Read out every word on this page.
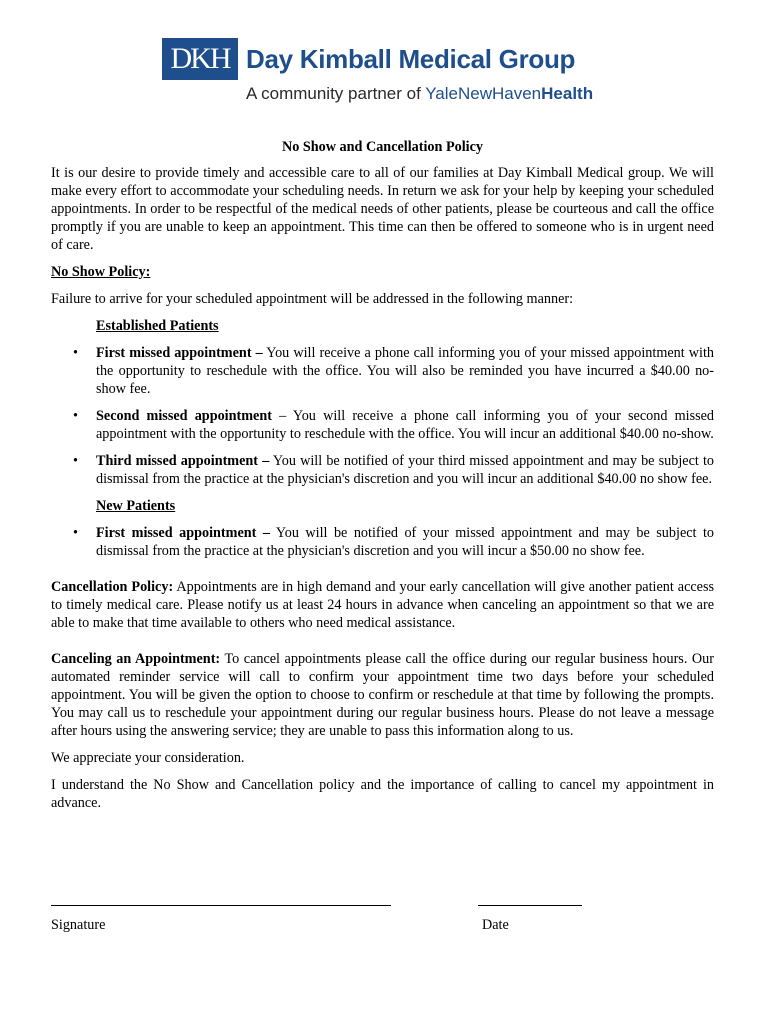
DKH Day Kimball Medical Group
A community partner of YaleNewHavenHealth

No Show and Cancellation Policy

It is our desire to provide timely and accessible care to all of our families at Day Kimball Medical group. We will make every effort to accommodate your scheduling needs. In return we ask for your help by keeping your scheduled appointments. In order to be respectful of the medical needs of other patients, please be courteous and call the office promptly if you are unable to keep an appointment. This time can then be offered to someone who is in urgent need of care.

No Show Policy:

Failure to arrive for your scheduled appointment will be addressed in the following manner:

Established Patients

• First missed appointment – You will receive a phone call informing you of your missed appointment with the opportunity to reschedule with the office. You will also be reminded you have incurred a $40.00 no-show fee.
• Second missed appointment – You will receive a phone call informing you of your second missed appointment with the opportunity to reschedule with the office. You will incur an additional $40.00 no-show.
• Third missed appointment – You will be notified of your third missed appointment and may be subject to dismissal from the practice at the physician's discretion and you will incur an additional $40.00 no show fee.

New Patients

• First missed appointment – You will be notified of your missed appointment and may be subject to dismissal from the practice at the physician's discretion and you will incur a $50.00 no show fee.

Cancellation Policy: Appointments are in high demand and your early cancellation will give another patient access to timely medical care. Please notify us at least 24 hours in advance when canceling an appointment so that we are able to make that time available to others who need medical assistance.

Canceling an Appointment: To cancel appointments please call the office during our regular business hours. Our automated reminder service will call to confirm your appointment time two days before your scheduled appointment. You will be given the option to choose to confirm or reschedule at that time by following the prompts. You may call us to reschedule your appointment during our regular business hours. Please do not leave a message after hours using the answering service; they are unable to pass this information along to us.

We appreciate your consideration.

I understand the No Show and Cancellation policy and the importance of calling to cancel my appointment in advance.

Signature	Date
